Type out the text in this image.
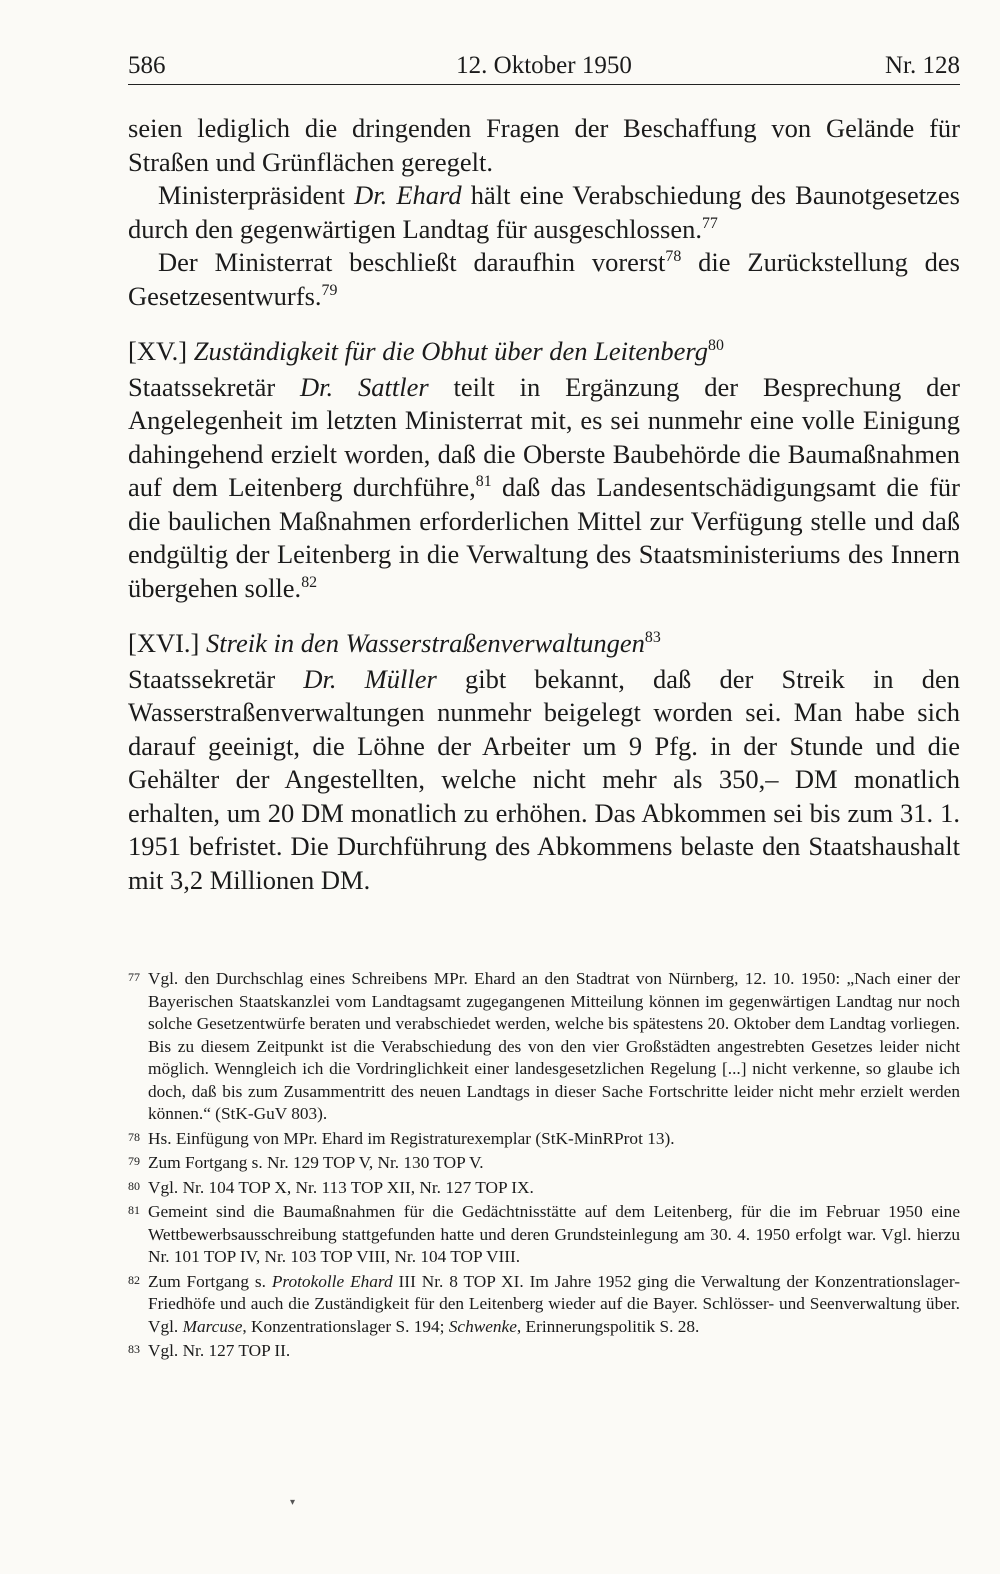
12. Oktober 1950
586	Nr. 128

seien lediglich die dringenden Fragen der Beschaffung von Gelände für Straßen und Grünflächen geregelt.

Ministerpräsident Dr. Ehard hält eine Verabschiedung des Baunotgesetzes durch den gegenwärtigen Landtag für ausgeschlossen.$^{77}$

Der Ministerrat beschließt daraufhin vorerst$^{78}$ die Zurückstellung des Gesetzesentwurfs.$^{79}$

[XV.] Zuständigkeit für die Obhut über den Leitenberg$^{80}$

Staatssekretär Dr. Sattler teilt in Ergänzung der Besprechung der Angelegenheit im letzten Ministerrat mit, es sei nunmehr eine volle Einigung dahingehend erzielt worden, daß die Oberste Baubehörde die Baumaßnahmen auf dem Leitenberg durchführe,$^{81}$ daß das Landesentschädigungsamt die für die baulichen Maßnahmen erforderlichen Mittel zur Verfügung stelle und daß endgültig der Leitenberg in die Verwaltung des Staatsministeriums des Innern übergehen solle.$^{82}$

[XVI.] Streik in den Wasserstraßenverwaltungen$^{83}$

Staatssekretär Dr. Müller gibt bekannt, daß der Streik in den Wasserstraßenverwaltungen nunmehr beigelegt worden sei. Man habe sich darauf geeinigt, die Löhne der Arbeiter um 9 Pfg. in der Stunde und die Gehälter der Angestellten, welche nicht mehr als 350,– DM monatlich erhalten, um 20 DM monatlich zu erhöhen. Das Abkommen sei bis zum 31. 1. 1951 befristet. Die Durchführung des Abkommens belaste den Staatshaushalt mit 3,2 Millionen DM.

77 Vgl. den Durchschlag eines Schreibens MPr. Ehard an den Stadtrat von Nürnberg, 12. 10. 1950: „Nach einer der Bayerischen Staatskanzlei vom Landtagsamt zugegangenen Mitteilung können im gegenwärtigen Landtag nur noch solche Gesetzentwürfe beraten und verabschiedet werden, welche bis spätestens 20. Oktober dem Landtag vorliegen. Bis zu diesem Zeitpunkt ist die Verabschiedung des von den vier Großstädten angestrebten Gesetzes leider nicht möglich. Wenngleich ich die Vordringlichkeit einer landesgesetzlichen Regelung [...] nicht verkenne, so glaube ich doch, daß bis zum Zusammentritt des neuen Landtags in dieser Sache Fortschritte leider nicht mehr erzielt werden können.“ (StK-GuV 803).
78 Hs. Einfügung von MPr. Ehard im Registraturexemplar (StK-MinRProt 13).
79 Zum Fortgang s. Nr. 129 TOP V, Nr. 130 TOP V.
80 Vgl. Nr. 104 TOP X, Nr. 113 TOP XII, Nr. 127 TOP IX.
81 Gemeint sind die Baumaßnahmen für die Gedächtnisstätte auf dem Leitenberg, für die im Februar 1950 eine Wettbewerbsausschreibung stattgefunden hatte und deren Grundsteinlegung am 30. 4. 1950 erfolgt war. Vgl. hierzu Nr. 101 TOP IV, Nr. 103 TOP VIII, Nr. 104 TOP VIII.
82 Zum Fortgang s. Protokolle Ehard III Nr. 8 TOP XI. Im Jahre 1952 ging die Verwaltung der Konzentrationslager-Friedhöfe und auch die Zuständigkeit für den Leitenberg wieder auf die Bayer. Schlösser- und Seenverwaltung über. Vgl. Marcuse, Konzentrationslager S. 194; Schwenke, Erinnerungspolitik S. 28.
83 Vgl. Nr. 127 TOP II.
▾
